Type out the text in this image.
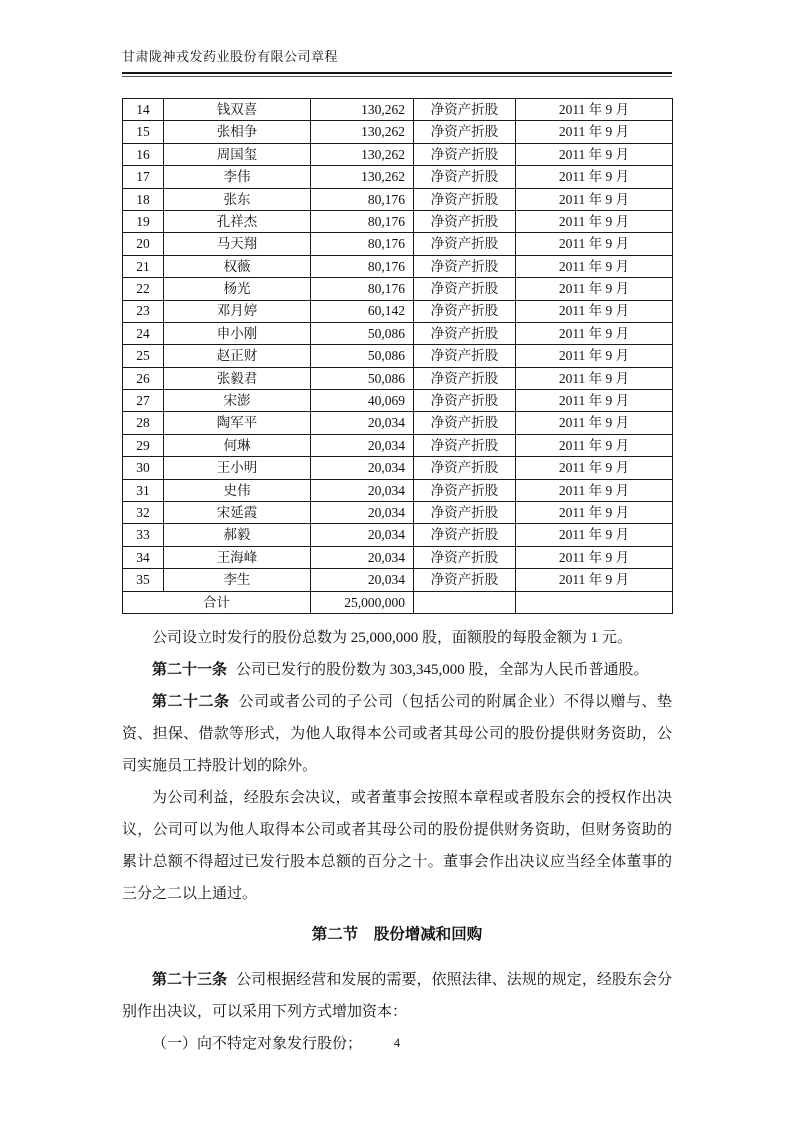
甘肃陇神戎发药业股份有限公司章程
14	钱双喜	130,262	净资产折股	2011 年 9 月
15	张相争	130,262	净资产折股	2011 年 9 月
16	周国玺	130,262	净资产折股	2011 年 9 月
17	李伟	130,262	净资产折股	2011 年 9 月
18	张东	80,176	净资产折股	2011 年 9 月
19	孔祥杰	80,176	净资产折股	2011 年 9 月
20	马天翔	80,176	净资产折股	2011 年 9 月
21	权薇	80,176	净资产折股	2011 年 9 月
22	杨光	80,176	净资产折股	2011 年 9 月
23	邓月婷	60,142	净资产折股	2011 年 9 月
24	申小刚	50,086	净资产折股	2011 年 9 月
25	赵正财	50,086	净资产折股	2011 年 9 月
26	张毅君	50,086	净资产折股	2011 年 9 月
27	宋澎	40,069	净资产折股	2011 年 9 月
28	陶军平	20,034	净资产折股	2011 年 9 月
29	何琳	20,034	净资产折股	2011 年 9 月
30	王小明	20,034	净资产折股	2011 年 9 月
31	史伟	20,034	净资产折股	2011 年 9 月
32	宋延霞	20,034	净资产折股	2011 年 9 月
33	郝毅	20,034	净资产折股	2011 年 9 月
34	王海峰	20,034	净资产折股	2011 年 9 月
35	李生	20,034	净资产折股	2011 年 9 月
合计		25,000,000		

公司设立时发行的股份总数为 25,000,000 股，面额股的每股金额为 1 元。

第二十一条 公司已发行的股份数为 303,345,000 股，全部为人民币普通股。

第二十二条 公司或者公司的子公司（包括公司的附属企业）不得以赠与、垫资、担保、借款等形式，为他人取得本公司或者其母公司的股份提供财务资助，公司实施员工持股计划的除外。

为公司利益，经股东会决议，或者董事会按照本章程或者股东会的授权作出决议，公司可以为他人取得本公司或者其母公司的股份提供财务资助，但财务资助的累计总额不得超过已发行股本总额的百分之十。董事会作出决议应当经全体董事的三分之二以上通过。

第二节　股份增减和回购

第二十三条 公司根据经营和发展的需要，依照法律、法规的规定，经股东会分别作出决议，可以采用下列方式增加资本：

（一）向不特定对象发行股份；	4
